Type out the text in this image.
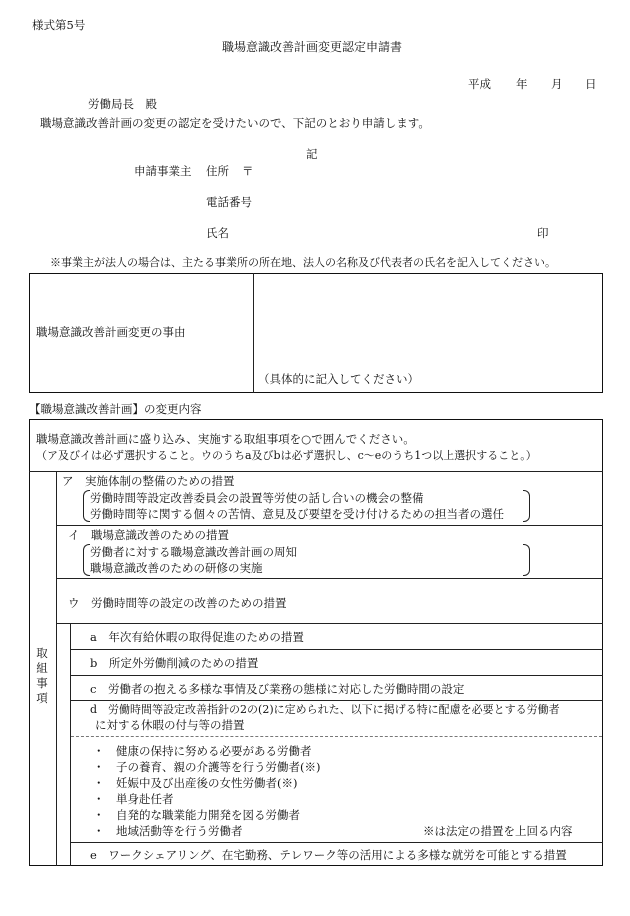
様式第5号
職場意識改善計画変更認定申請書
平成 年 月 日
労働局長　殿
職場意識改善計画の変更の認定を受けたいので、下記のとおり申請します。
記
申請事業主 住所 〒
電話番号
氏名	印
※事業主が法人の場合は、主たる事業所の所在地、法人の名称及び代表者の氏名を記入してください。
職場意識改善計画変更の事由
（具体的に記入してください）
【職場意識改善計画】の変更内容
職場意識改善計画に盛り込み、実施する取組事項を○で囲んでください。
（ア及びイは必ず選択すること。ウのうちa及びbは必ず選択し、c～eのうち1つ以上選択すること。）
取
組
事
項
ア　実施体制の整備のための措置
労働時間等設定改善委員会の設置等労使の話し合いの機会の整備
労働時間等に関する個々の苦情、意見及び要望を受け付けるための担当者の選任
イ　職場意識改善のための措置
労働者に対する職場意識改善計画の周知
職場意識改善のための研修の実施
ウ　労働時間等の設定の改善のための措置
a　年次有給休暇の取得促進のための措置
b　所定外労働削減のための措置
c　労働者の抱える多様な事情及び業務の態様に対応した労働時間の設定
d　労働時間等設定改善指針の2の(2)に定められた、以下に掲げる特に配慮を必要とする労働者
に対する休暇の付与等の措置
・　健康の保持に努める必要がある労働者
・　子の養育、親の介護等を行う労働者(※)
・　妊娠中及び出産後の女性労働者(※)
・　単身赴任者
・　自発的な職業能力開発を図る労働者
・　地域活動等を行う労働者	※は法定の措置を上回る内容
e　ワークシェアリング、在宅勤務、テレワーク等の活用による多様な就労を可能とする措置
